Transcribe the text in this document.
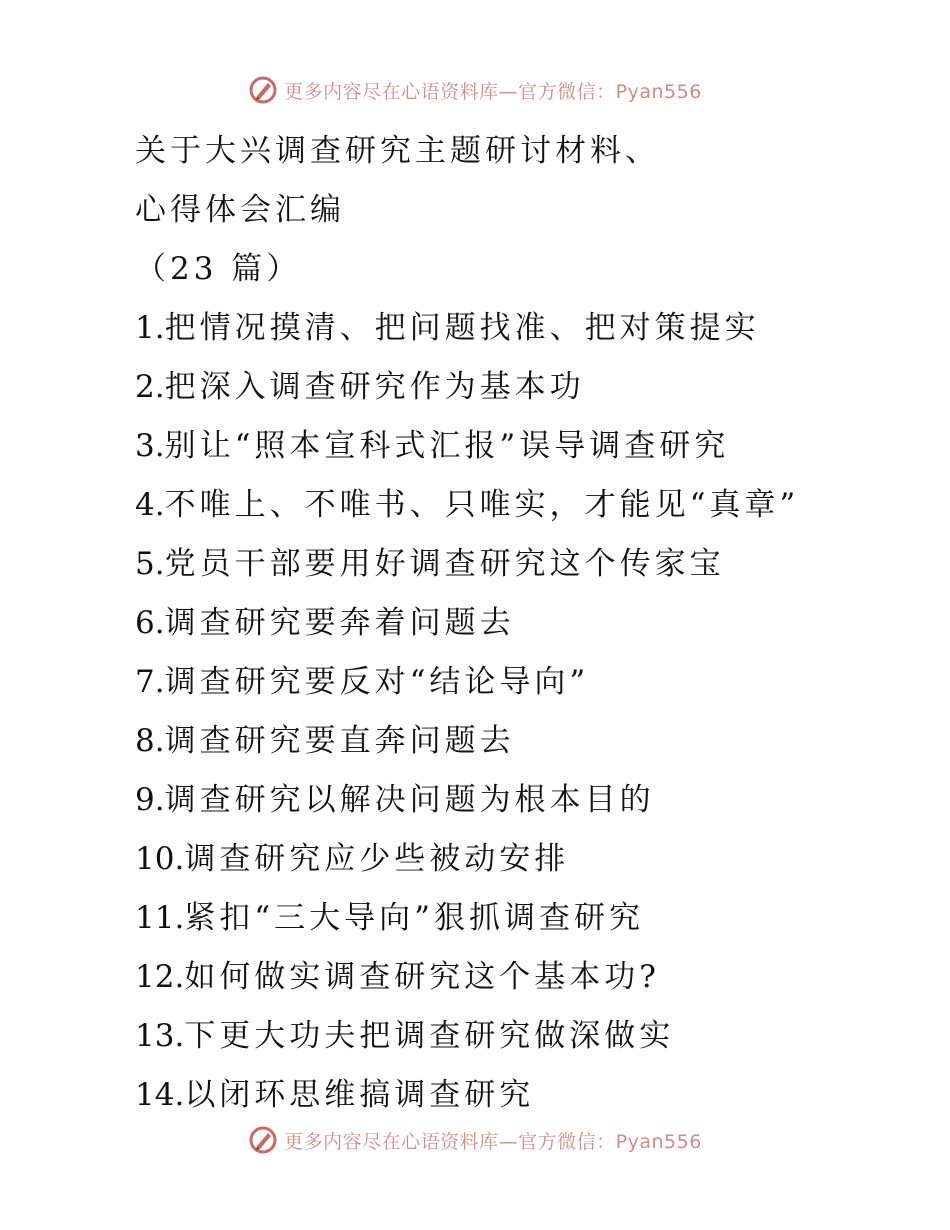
更多内容尽在心语资料库—官方微信：Pyan556
关于大兴调查研究主题研讨材料、
心得体会汇编
（23 篇）
1.把情况摸清、把问题找准、把对策提实
2.把深入调查研究作为基本功
3.别让“照本宣科式汇报”误导调查研究
4.不唯上、不唯书、只唯实，才能见“真章”
5.党员干部要用好调查研究这个传家宝
6.调查研究要奔着问题去
7.调查研究要反对“结论导向”
8.调查研究要直奔问题去
9.调查研究以解决问题为根本目的
10.调查研究应少些被动安排
11.紧扣“三大导向”狠抓调查研究
12.如何做实调查研究这个基本功?
13.下更大功夫把调查研究做深做实
14.以闭环思维搞调查研究
更多内容尽在心语资料库—官方微信：Pyan556
